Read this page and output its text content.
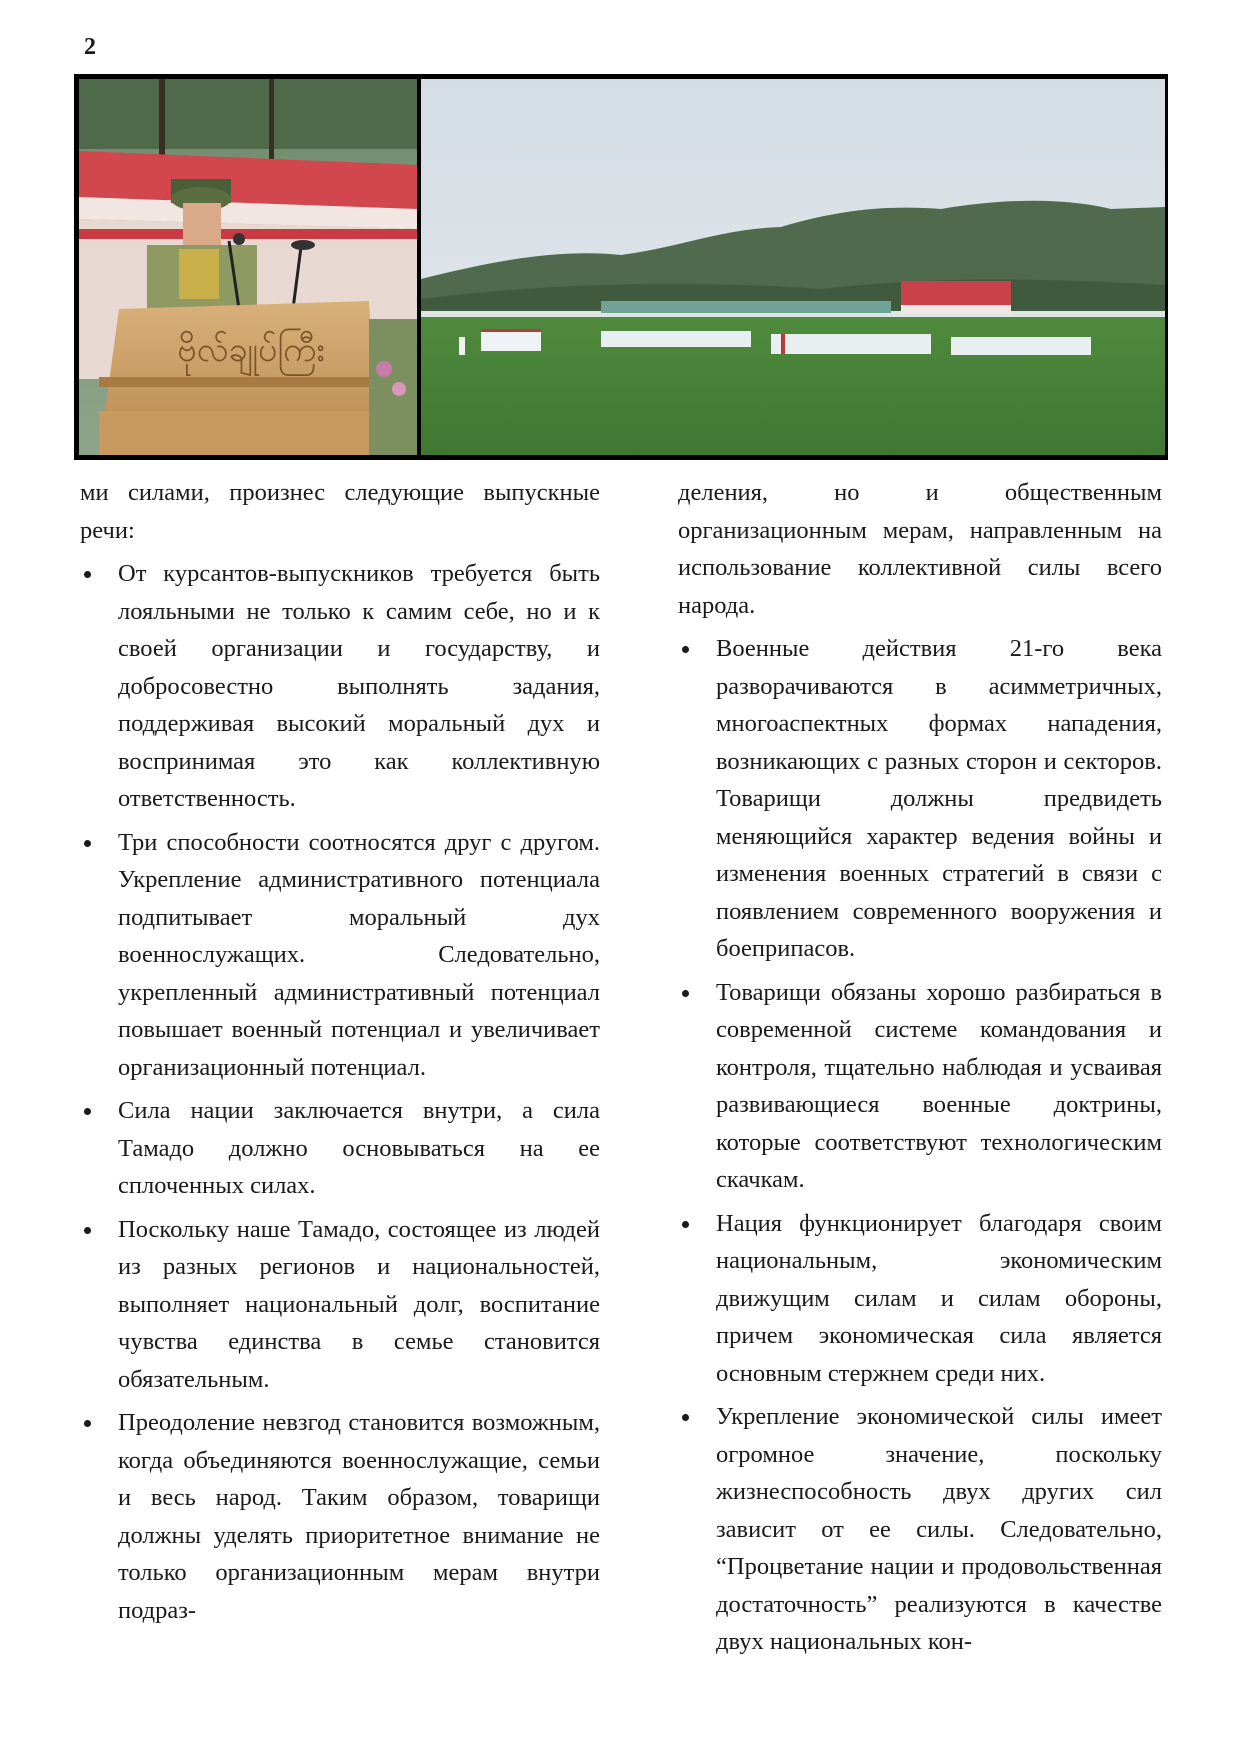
2
ဗိုလ်ချုပ်ကြီး

ми силами, произнес следующие выпускные речи:

От курсантов-выпускников требуется быть лояльными не только к самим себе, но и к своей организации и государству, и добросовестно выполнять задания, поддерживая высокий моральный дух и воспринимая это как коллективную ответственность.
Три способности соотносятся друг с другом. Укрепление административного потенциала подпитывает моральный дух военнослужащих. Следовательно, укрепленный административный потенциал повышает военный потенциал и увеличивает организационный потенциал.
Сила нации заключается внутри, а сила Тамадо должно основываться на ее сплоченных силах.
Поскольку наше Тамадо, состоящее из людей из разных регионов и национальностей, выполняет национальный долг, воспитание чувства единства в семье становится обязательным.
Преодоление невзгод становится возможным, когда объединяются военнослужащие, семьи и весь народ. Таким образом, товарищи должны уделять приоритетное внимание не только организационным мерам внутри подраз-
деления, но и общественным организационным мерам, направленным на использование коллективной силы всего народа.
Военные действия 21-го века разворачиваются в асимметричных, многоаспектных формах нападения, возникающих с разных сторон и секторов. Товарищи должны предвидеть меняющийся характер ведения войны и изменения военных стратегий в связи с появлением современного вооружения и боеприпасов.
Товарищи обязаны хорошо разбираться в современной системе командования и контроля, тщательно наблюдая и усваивая развивающиеся военные доктрины, которые соответствуют технологическим скачкам.
Нация функционирует благодаря своим национальным, экономическим движущим силам и силам обороны, причем экономическая сила является основным стержнем среди них.
Укрепление экономической силы имеет огромное значение, поскольку жизнеспособность двух других сил зависит от ее силы. Следовательно, “Процветание нации и продовольственная достаточность” реализуются в качестве двух национальных кон-
